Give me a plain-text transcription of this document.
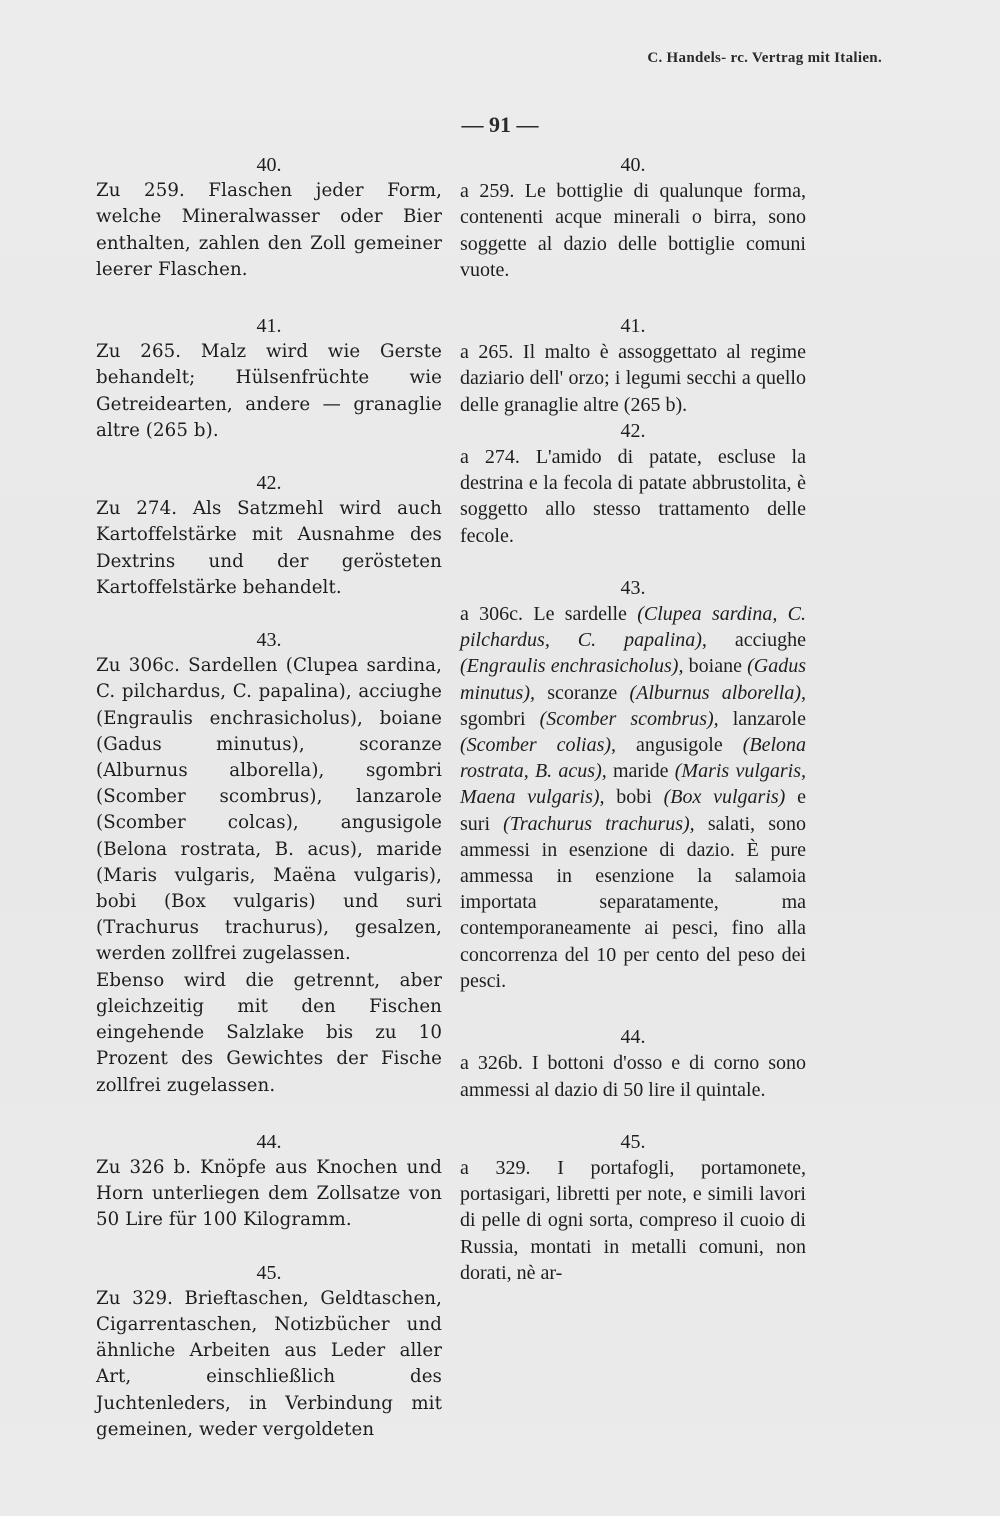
C. Handels- rc. Vertrag mit Italien.
— 91 —

40.

Zu 259. Flaschen jeder Form, welche Mineralwasser oder Bier enthalten, zahlen den Zoll gemeiner leerer Flaschen.

41.

Zu 265. Malz wird wie Gerste behandelt; Hülsenfrüchte wie Getreidearten, andere — granaglie altre (265 b).

42.

Zu 274. Als Satzmehl wird auch Kartoffelstärke mit Ausnahme des Dextrins und der gerösteten Kartoffelstärke behandelt.

43.

Zu 306c. Sardellen (Clupea sardina, C. pilchardus, C. papalina), acciughe (Engraulis enchrasicholus), boiane (Gadus minutus), scoranze (Alburnus alborella), sgombri (Scomber scombrus), lanzarole (Scomber colcas), angusigole (Belona rostrata, B. acus), maride (Maris vulgaris, Maëna vulgaris), bobi (Box vulgaris) und suri (Trachurus trachurus), gesalzen, werden zollfrei zugelassen.

Ebenso wird die getrennt, aber gleichzeitig mit den Fischen eingehende Salzlake bis zu 10 Prozent des Gewichtes der Fische zollfrei zugelassen.

44.

Zu 326 b. Knöpfe aus Knochen und Horn unterliegen dem Zollsatze von 50 Lire für 100 Kilogramm.

45.

Zu 329. Brieftaschen, Geldtaschen, Cigarrentaschen, Notizbücher und ähnliche Arbeiten aus Leder aller Art, einschließlich des Juchtenleders, in Verbindung mit gemeinen, weder vergoldeten

40.

a 259. Le bottiglie di qualunque forma, contenenti acque minerali o birra, sono soggette al dazio delle bottiglie comuni vuote.

41.

a 265. Il malto è assoggettato al regime daziario dell' orzo; i legumi secchi a quello delle granaglie altre (265 b).

42.

a 274. L'amido di patate, escluse la destrina e la fecola di patate abbrustolita, è soggetto allo stesso trattamento delle fecole.

43.

a 306c. Le sardelle (Clupea sardina, C. pilchardus, C. papalina), acciughe (Engraulis enchrasicholus), boiane (Gadus minutus), scoranze (Alburnus alborella), sgombri (Scomber scombrus), lanzarole (Scomber colias), angusigole (Belona rostrata, B. acus), maride (Maris vulgaris, Maena vulgaris), bobi (Box vulgaris) e suri (Trachurus trachurus), salati, sono ammessi in esenzione di dazio. È pure ammessa in esenzione la salamoia importata separatamente, ma contemporaneamente ai pesci, fino alla concorrenza del 10 per cento del peso dei pesci.

44.

a 326b. I bottoni d'osso e di corno sono ammessi al dazio di 50 lire il quintale.

45.

a 329. I portafogli, portamonete, portasigari, libretti per note, e simili lavori di pelle di ogni sorta, compreso il cuoio di Russia, montati in metalli comuni, non dorati, nè ar-
